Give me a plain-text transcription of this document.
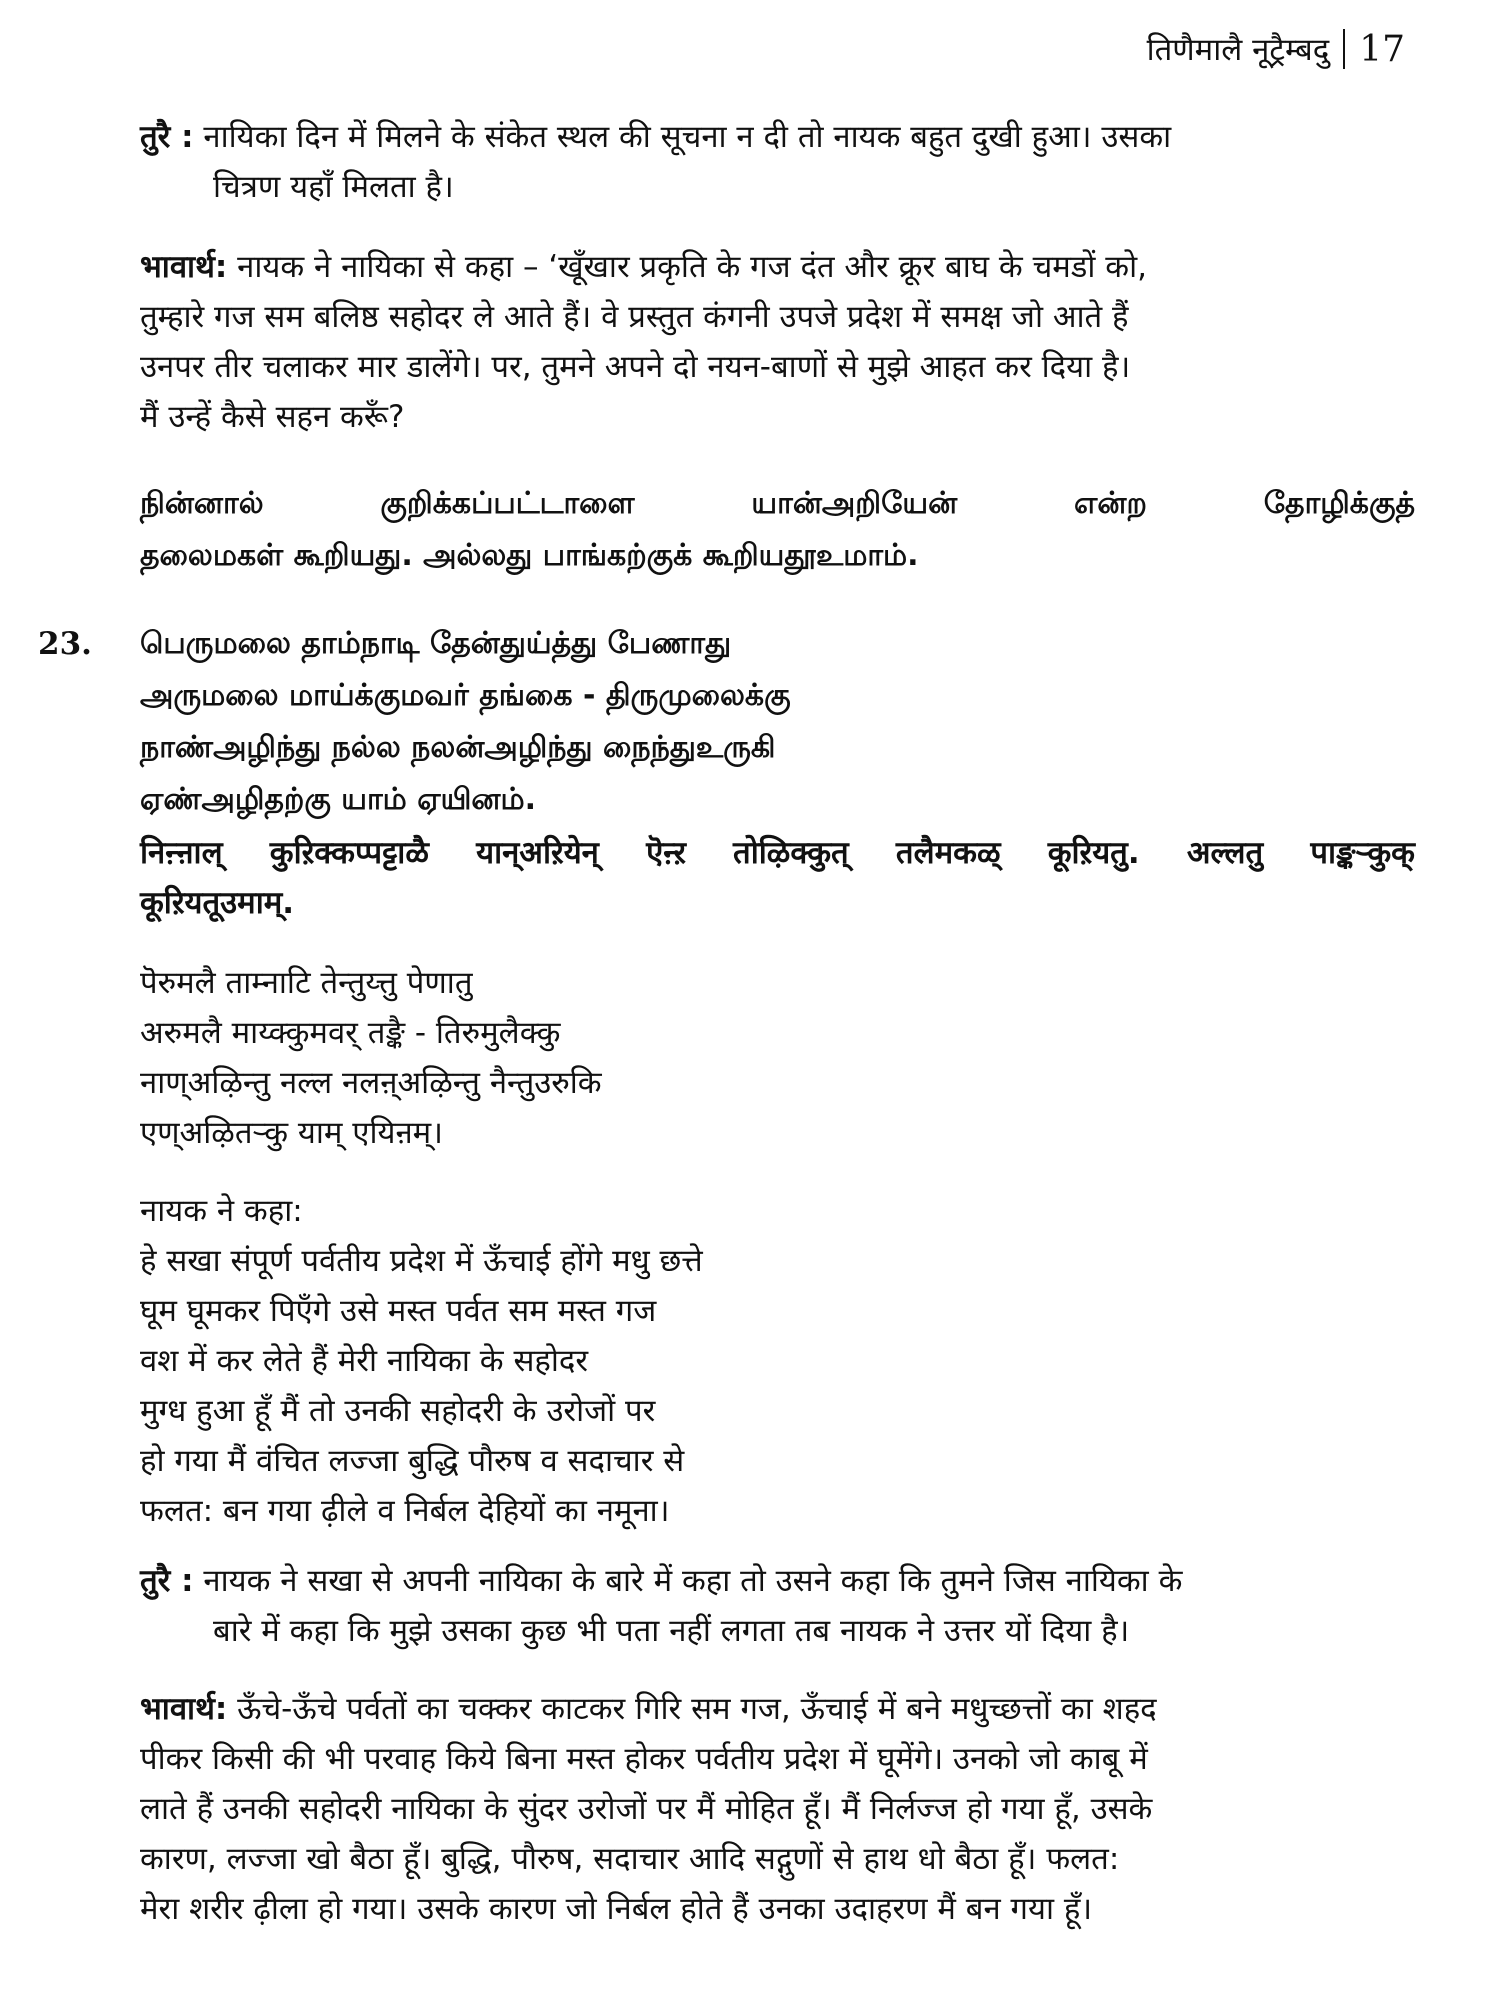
तिणैमालै नूट्रैम्बदु 17

तुरै : नायिका दिन में मिलने के संकेत स्थल की सूचना न दी तो नायक बहुत दुखी हुआ। उसका
चित्रण यहाँ मिलता है।

भावार्थ: नायक ने नायिका से कहा – ‘खूँखार प्रकृति के गज दंत और क्रूर बाघ के चमडों को,
तुम्हारे गज सम बलिष्ठ सहोदर ले आते हैं। वे प्रस्तुत कंगनी उपजे प्रदेश में समक्ष जो आते हैं
उनपर तीर चलाकर मार डालेंगे। पर, तुमने अपने दो नयन-बाणों से मुझे आहत कर दिया है।
मैं उन्हें कैसे सहन करूँ?

நின்னால் குறிக்கப்பட்டாளை யான்அறியேன் என்ற தோழிக்குத்
தலைமகள் கூறியது. அல்லது பாங்கற்குக் கூறியதூஉமாம்.
23. பெருமலை தாம்நாடி தேன்துய்த்து பேணாது
அருமலை மாய்க்குமவர் தங்கை - திருமுலைக்கு
நாண்அழிந்து நல்ல நலன்அழிந்து நைந்துஉருகி
ஏண்அழிதற்கு யாம் ஏயினம்.
निऩ्ऩाल् कुऱिक्कप्पट्टाळै यान्अऱियेन् ऎऩ्ऱ तोऴिक्कुत् तलैमकळ् कूऱियतु. अल्लतु पाङ्कऱ्कुक्
कूऱियतूउमाम्.
पॆरुमलै ताम्नाटि तेन्तुय्त्तु पेणातु
अरुमलै माय्क्कुमवर् तङ्कै - तिरुमुलैक्कु
नाण्अऴिन्तु नल्ल नलऩ्अऴिन्तु नैन्तुउरुकि
एण्अऴितऱ्कु याम् एयिऩम्।
नायक ने कहा:
हे सखा संपूर्ण पर्वतीय प्रदेश में ऊँचाई होंगे मधु छत्ते
घूम घूमकर पिएँगे उसे मस्त पर्वत सम मस्त गज
वश में कर लेते हैं मेरी नायिका के सहोदर
मुग्ध हुआ हूँ मैं तो उनकी सहोदरी के उरोजों पर
हो गया मैं वंचित लज्जा बुद्धि पौरुष व सदाचार से
फलत: बन गया ढ़ीले व निर्बल देहियों का नमूना।

तुरै : नायक ने सखा से अपनी नायिका के बारे में कहा तो उसने कहा कि तुमने जिस नायिका के
बारे में कहा कि मुझे उसका कुछ भी पता नहीं लगता तब नायक ने उत्तर यों दिया है।

भावार्थ: ऊँचे-ऊँचे पर्वतों का चक्कर काटकर गिरि सम गज, ऊँचाई में बने मधुच्छत्तों का शहद
पीकर किसी की भी परवाह किये बिना मस्त होकर पर्वतीय प्रदेश में घूमेंगे। उनको जो काबू में
लाते हैं उनकी सहोदरी नायिका के सुंदर उरोजों पर मैं मोहित हूँ। मैं निर्लज्ज हो गया हूँ, उसके
कारण, लज्जा खो बैठा हूँ। बुद्धि, पौरुष, सदाचार आदि सद्गुणों से हाथ धो बैठा हूँ। फलत:
मेरा शरीर ढ़ीला हो गया। उसके कारण जो निर्बल होते हैं उनका उदाहरण मैं बन गया हूँ।
